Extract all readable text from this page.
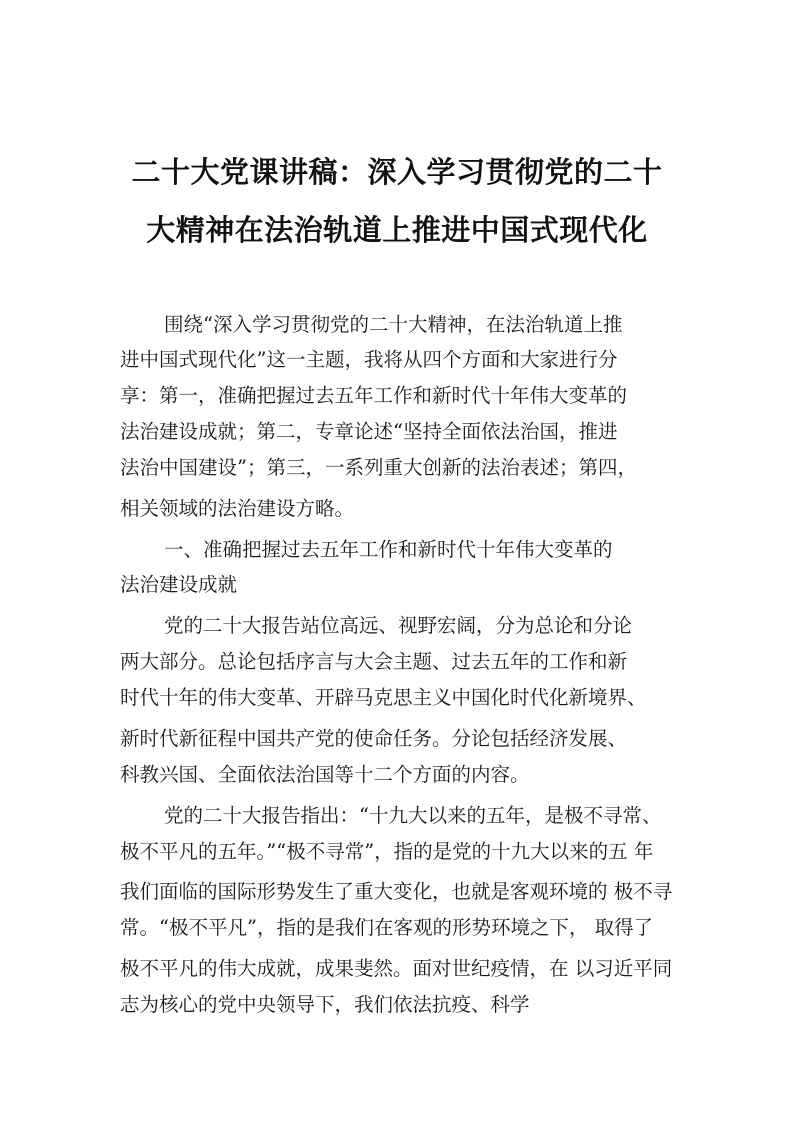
二十大党课讲稿：深入学习贯彻党的二十
大精神在法治轨道上推进中国式现代化
围绕“深入学习贯彻党的二十大精神，在法治轨道上推
进中国式现代化”这一主题，我将从四个方面和大家进行分
享：第一，准确把握过去五年工作和新时代十年伟大变革的
法治建设成就；第二，专章论述“坚持全面依法治国，推进
法治中国建设”；第三，一系列重大创新的法治表述；第四，
相关领域的法治建设方略。
一、准确把握过去五年工作和新时代十年伟大变革的
法治建设成就
党的二十大报告站位高远、视野宏阔，分为总论和分论
两大部分。总论包括序言与大会主题、过去五年的工作和新
时代十年的伟大变革、开辟马克思主义中国化时代化新境界、
新时代新征程中国共产党的使命任务。分论包括经济发展、
科教兴国、全面依法治国等十二个方面的内容。
党的二十大报告指出：“十九大以来的五年，是极不寻常、
极不平凡的五年。”“极不寻常”，指的是党的十九大以来的五 年
我们面临的国际形势发生了重大变化，也就是客观环境的 极不寻
常。“极不平凡”，指的是我们在客观的形势环境之下， 取得了
极不平凡的伟大成就，成果斐然。面对世纪疫情，在 以习近平同
志为核心的党中央领导下，我们依法抗疫、科学
